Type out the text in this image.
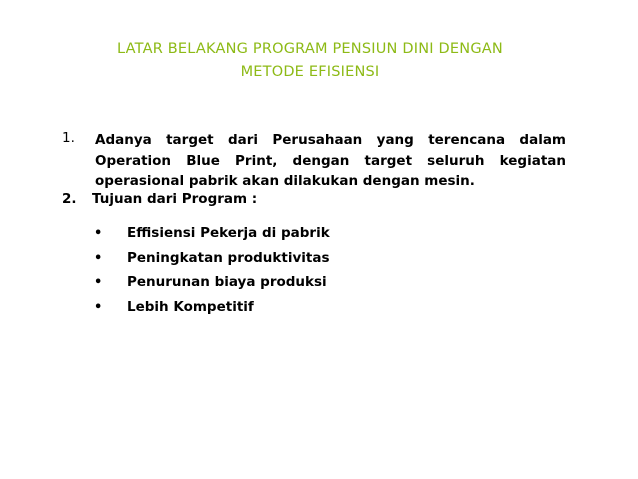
LATAR BELAKANG PROGRAM PENSIUN DINI DENGAN
METODE EFISIENSI
1. Adanya target dari Perusahaan yang terencana dalam Operation Blue Print, dengan target seluruh kegiatan operasional pabrik akan dilakukan dengan mesin.
2. Tujuan dari Program :
• Effisiensi Pekerja di pabrik
• Peningkatan produktivitas
• Penurunan biaya produksi
• Lebih Kompetitif
